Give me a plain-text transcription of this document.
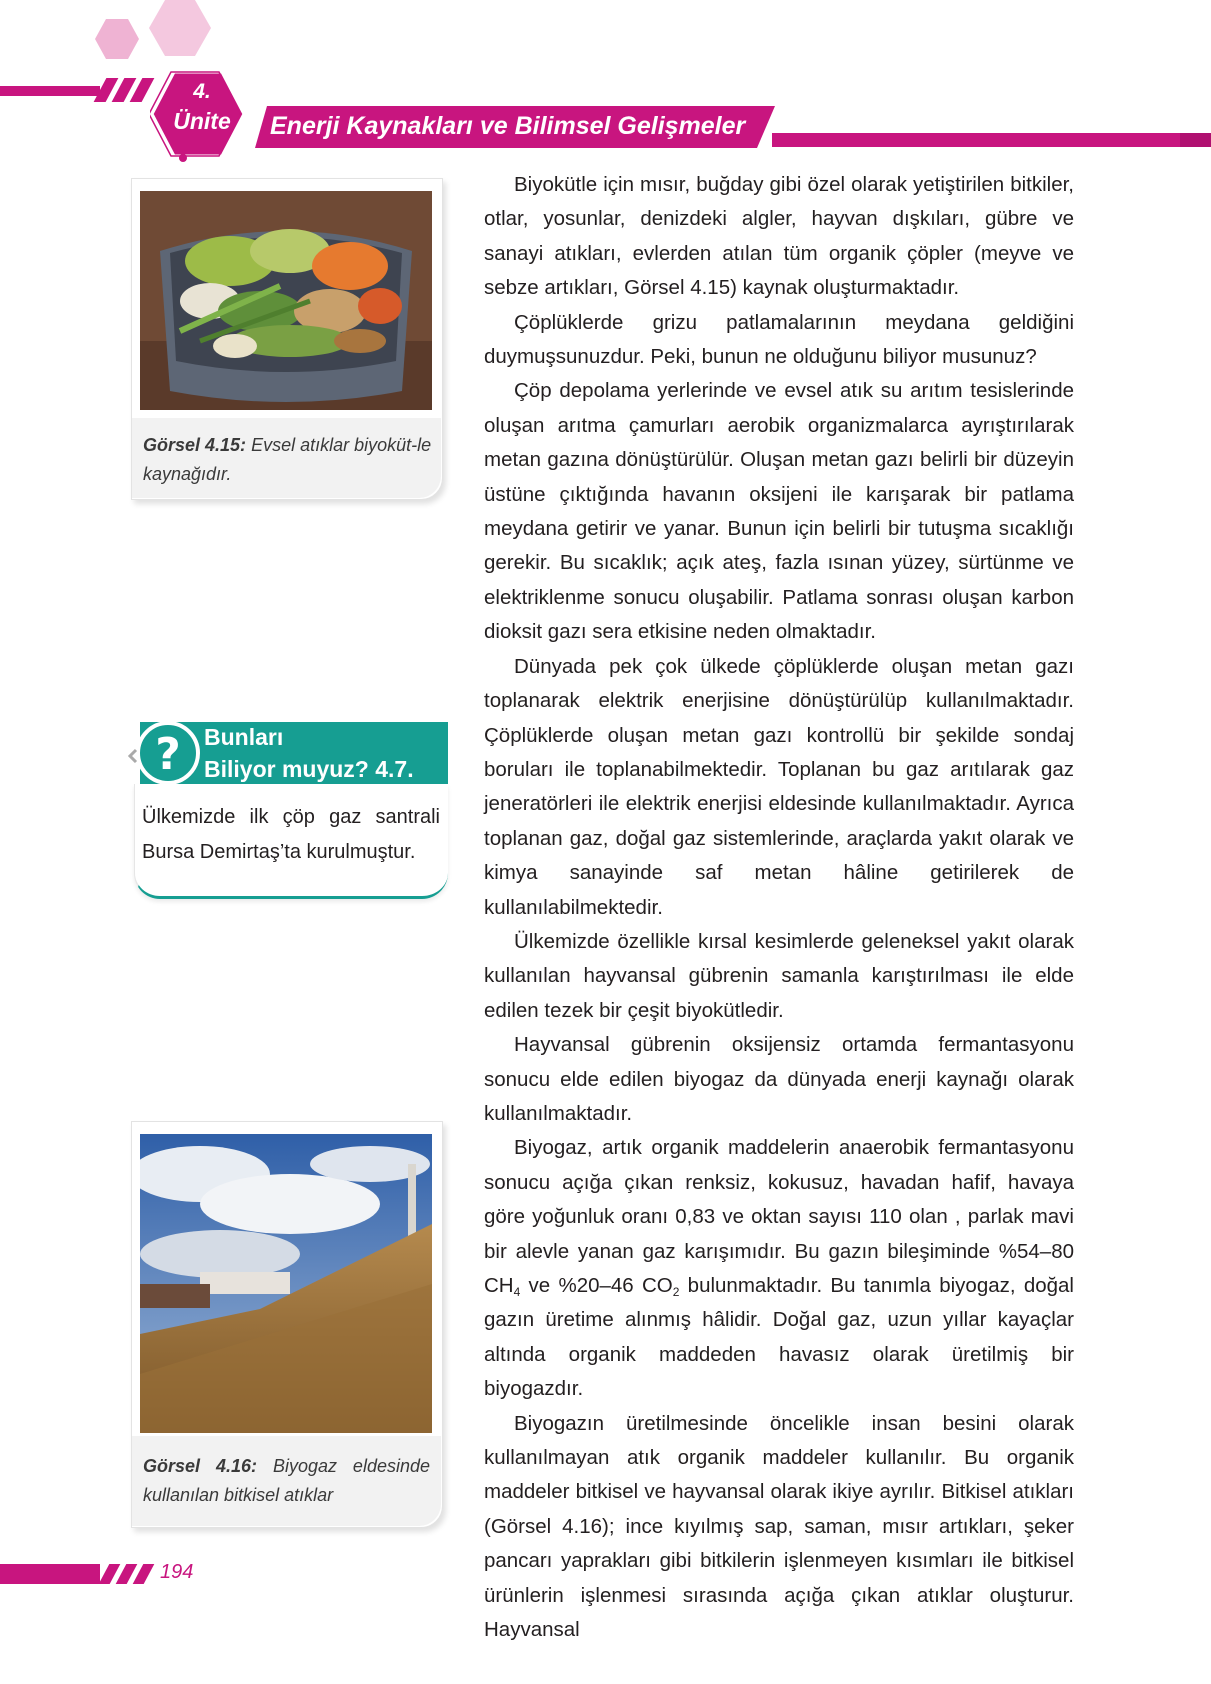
4.
Ünite Enerji Kaynakları ve Bilimsel Gelişmeler
Görsel 4.15: Evsel atıklar biyoküt-le kaynağıdır.
? Bunları
Biliyor muyuz? 4.7.
Ülkemizde ilk çöp gaz santrali Bursa Demirtaş’ta kurulmuştur.
Görsel 4.16: Biyogaz eldesinde kullanılan bitkisel atıklar

Biyokütle için mısır, buğday gibi özel olarak yetiştirilen bitkiler, otlar, yosunlar, denizdeki algler, hayvan dışkıları, gübre ve sanayi atıkları, evlerden atılan tüm organik çöpler (meyve ve sebze artıkları, Görsel 4.15) kaynak oluşturmaktadır.

Çöplüklerde grizu patlamalarının meydana geldiğini duymuşsunuzdur. Peki, bunun ne olduğunu biliyor musunuz?

Çöp depolama yerlerinde ve evsel atık su arıtım tesislerinde oluşan arıtma çamurları aerobik organizmalarca ayrıştırılarak metan gazına dönüştürülür. Oluşan metan gazı belirli bir düzeyin üstüne çıktığında havanın oksijeni ile karışarak bir patlama meydana getirir ve yanar. Bunun için belirli bir tutuşma sıcaklığı gerekir. Bu sıcaklık; açık ateş, fazla ısınan yüzey, sürtünme ve elektriklenme sonucu oluşabilir. Patlama sonrası oluşan karbon dioksit gazı sera etkisine neden olmaktadır.

Dünyada pek çok ülkede çöplüklerde oluşan metan gazı toplanarak elektrik enerjisine dönüştürülüp kullanılmaktadır. Çöplüklerde oluşan metan gazı kontrollü bir şekilde sondaj boruları ile toplanabilmektedir. Toplanan bu gaz arıtılarak gaz jeneratörleri ile elektrik enerjisi eldesinde kullanılmaktadır. Ayrıca toplanan gaz, doğal gaz sistemlerinde, araçlarda yakıt olarak ve kimya sanayinde saf metan hâline getirilerek de kullanılabilmektedir.

Ülkemizde özellikle kırsal kesimlerde geleneksel yakıt olarak kullanılan hayvansal gübrenin samanla karıştırılması ile elde edilen tezek bir çeşit biyokütledir.

Hayvansal gübrenin oksijensiz ortamda fermantasyonu sonucu elde edilen biyogaz da dünyada enerji kaynağı olarak kullanılmaktadır.

Biyogaz, artık organik maddelerin anaerobik fermantasyonu sonucu açığa çıkan renksiz, kokusuz, havadan hafif, havaya göre yoğunluk oranı 0,83 ve oktan sayısı 110 olan , parlak mavi bir alevle yanan gaz karışımıdır. Bu gazın bileşiminde %54–80 $CH_4$ ve %20–46 $CO_2$ bulunmaktadır. Bu tanımla biyogaz, doğal gazın üretime alınmış hâlidir. Doğal gaz, uzun yıllar kayaçlar altında organik maddeden havasız olarak üretilmiş bir biyogazdır.

Biyogazın üretilmesinde öncelikle insan besini olarak kullanılmayan atık organik maddeler kullanılır. Bu organik maddeler bitkisel ve hayvansal olarak ikiye ayrılır. Bitkisel atıkları (Görsel 4.16); ince kıyılmış sap, saman, mısır artıkları, şeker pancarı yaprakları gibi bitkilerin işlenmeyen kısımları ile bitkisel ürünlerin işlenmesi sırasında açığa çıkan atıklar oluşturur. Hayvansal

194
